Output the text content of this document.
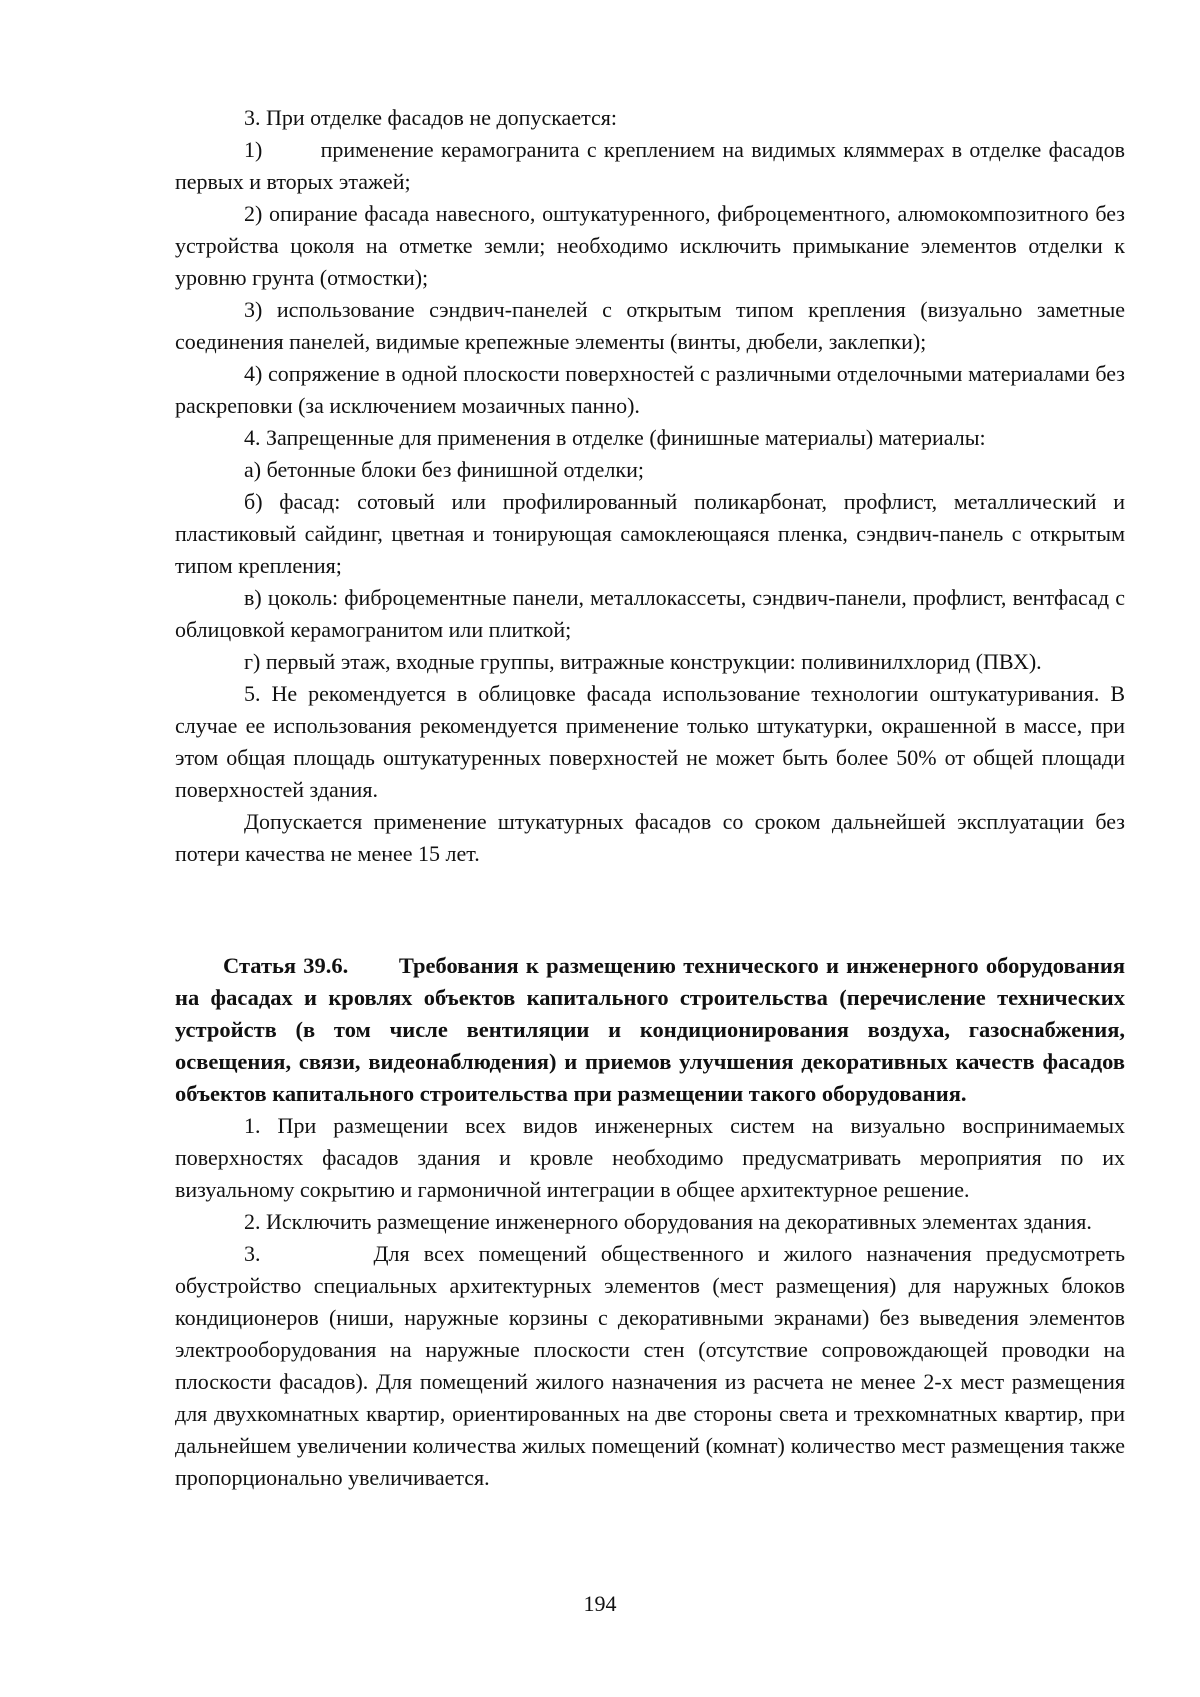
3. При отделке фасадов не допускается:

1)        применение керамогранита с креплением на видимых кляммерах в отделке фасадов первых и вторых этажей;

2) опирание фасада навесного, оштукатуренного, фиброцементного, алюмокомпозитного без устройства цоколя на отметке земли; необходимо исключить примыкание элементов отделки к уровню грунта (отмостки);

3) использование сэндвич-панелей с открытым типом крепления (визуально заметные соединения панелей, видимые крепежные элементы (винты, дюбели, заклепки);

4) сопряжение в одной плоскости поверхностей с различными отделочными материалами без раскреповки (за исключением мозаичных панно).

4. Запрещенные для применения в отделке (финишные материалы) материалы:

а) бетонные блоки без финишной отделки;

б) фасад: сотовый или профилированный поликарбонат, профлист, металлический и пластиковый сайдинг, цветная и тонирующая самоклеющаяся пленка, сэндвич-панель с открытым типом крепления;

в) цоколь: фиброцементные панели, металлокассеты, сэндвич-панели, профлист, вентфасад с облицовкой керамогранитом или плиткой;

г) первый этаж, входные группы, витражные конструкции: поливинилхлорид (ПВХ).

5. Не рекомендуется в облицовке фасада использование технологии оштукатуривания. В случае ее использования рекомендуется применение только штукатурки, окрашенной в массе, при этом общая площадь оштукатуренных поверхностей не может быть более 50% от общей площади поверхностей здания.

Допускается применение штукатурных фасадов со сроком дальнейшей эксплуатации без потери качества не менее 15 лет.

Статья 39.6.       Требования к размещению технического и инженерного оборудования на фасадах и кровлях объектов капитального строительства (перечисление технических устройств (в том числе вентиляции и кондиционирования воздуха, газоснабжения, освещения, связи, видеонаблюдения) и приемов улучшения декоративных качеств фасадов объектов капитального строительства при размещении такого оборудования.

1. При размещении всех видов инженерных систем на визуально воспринимаемых поверхностях фасадов здания и кровле необходимо предусматривать мероприятия по их визуальному сокрытию и гармоничной интеграции в общее архитектурное решение.

2. Исключить размещение инженерного оборудования на декоративных элементах здания.

3.        Для всех помещений общественного и жилого назначения предусмотреть обустройство специальных архитектурных элементов (мест размещения) для наружных блоков кондиционеров (ниши, наружные корзины с декоративными экранами) без выведения элементов электрооборудования на наружные плоскости стен (отсутствие сопровождающей проводки на плоскости фасадов). Для помещений жилого назначения из расчета не менее 2-х мест размещения для двухкомнатных квартир, ориентированных на две стороны света и трехкомнатных квартир, при дальнейшем увеличении количества жилых помещений (комнат) количество мест размещения также пропорционально увеличивается.

194
